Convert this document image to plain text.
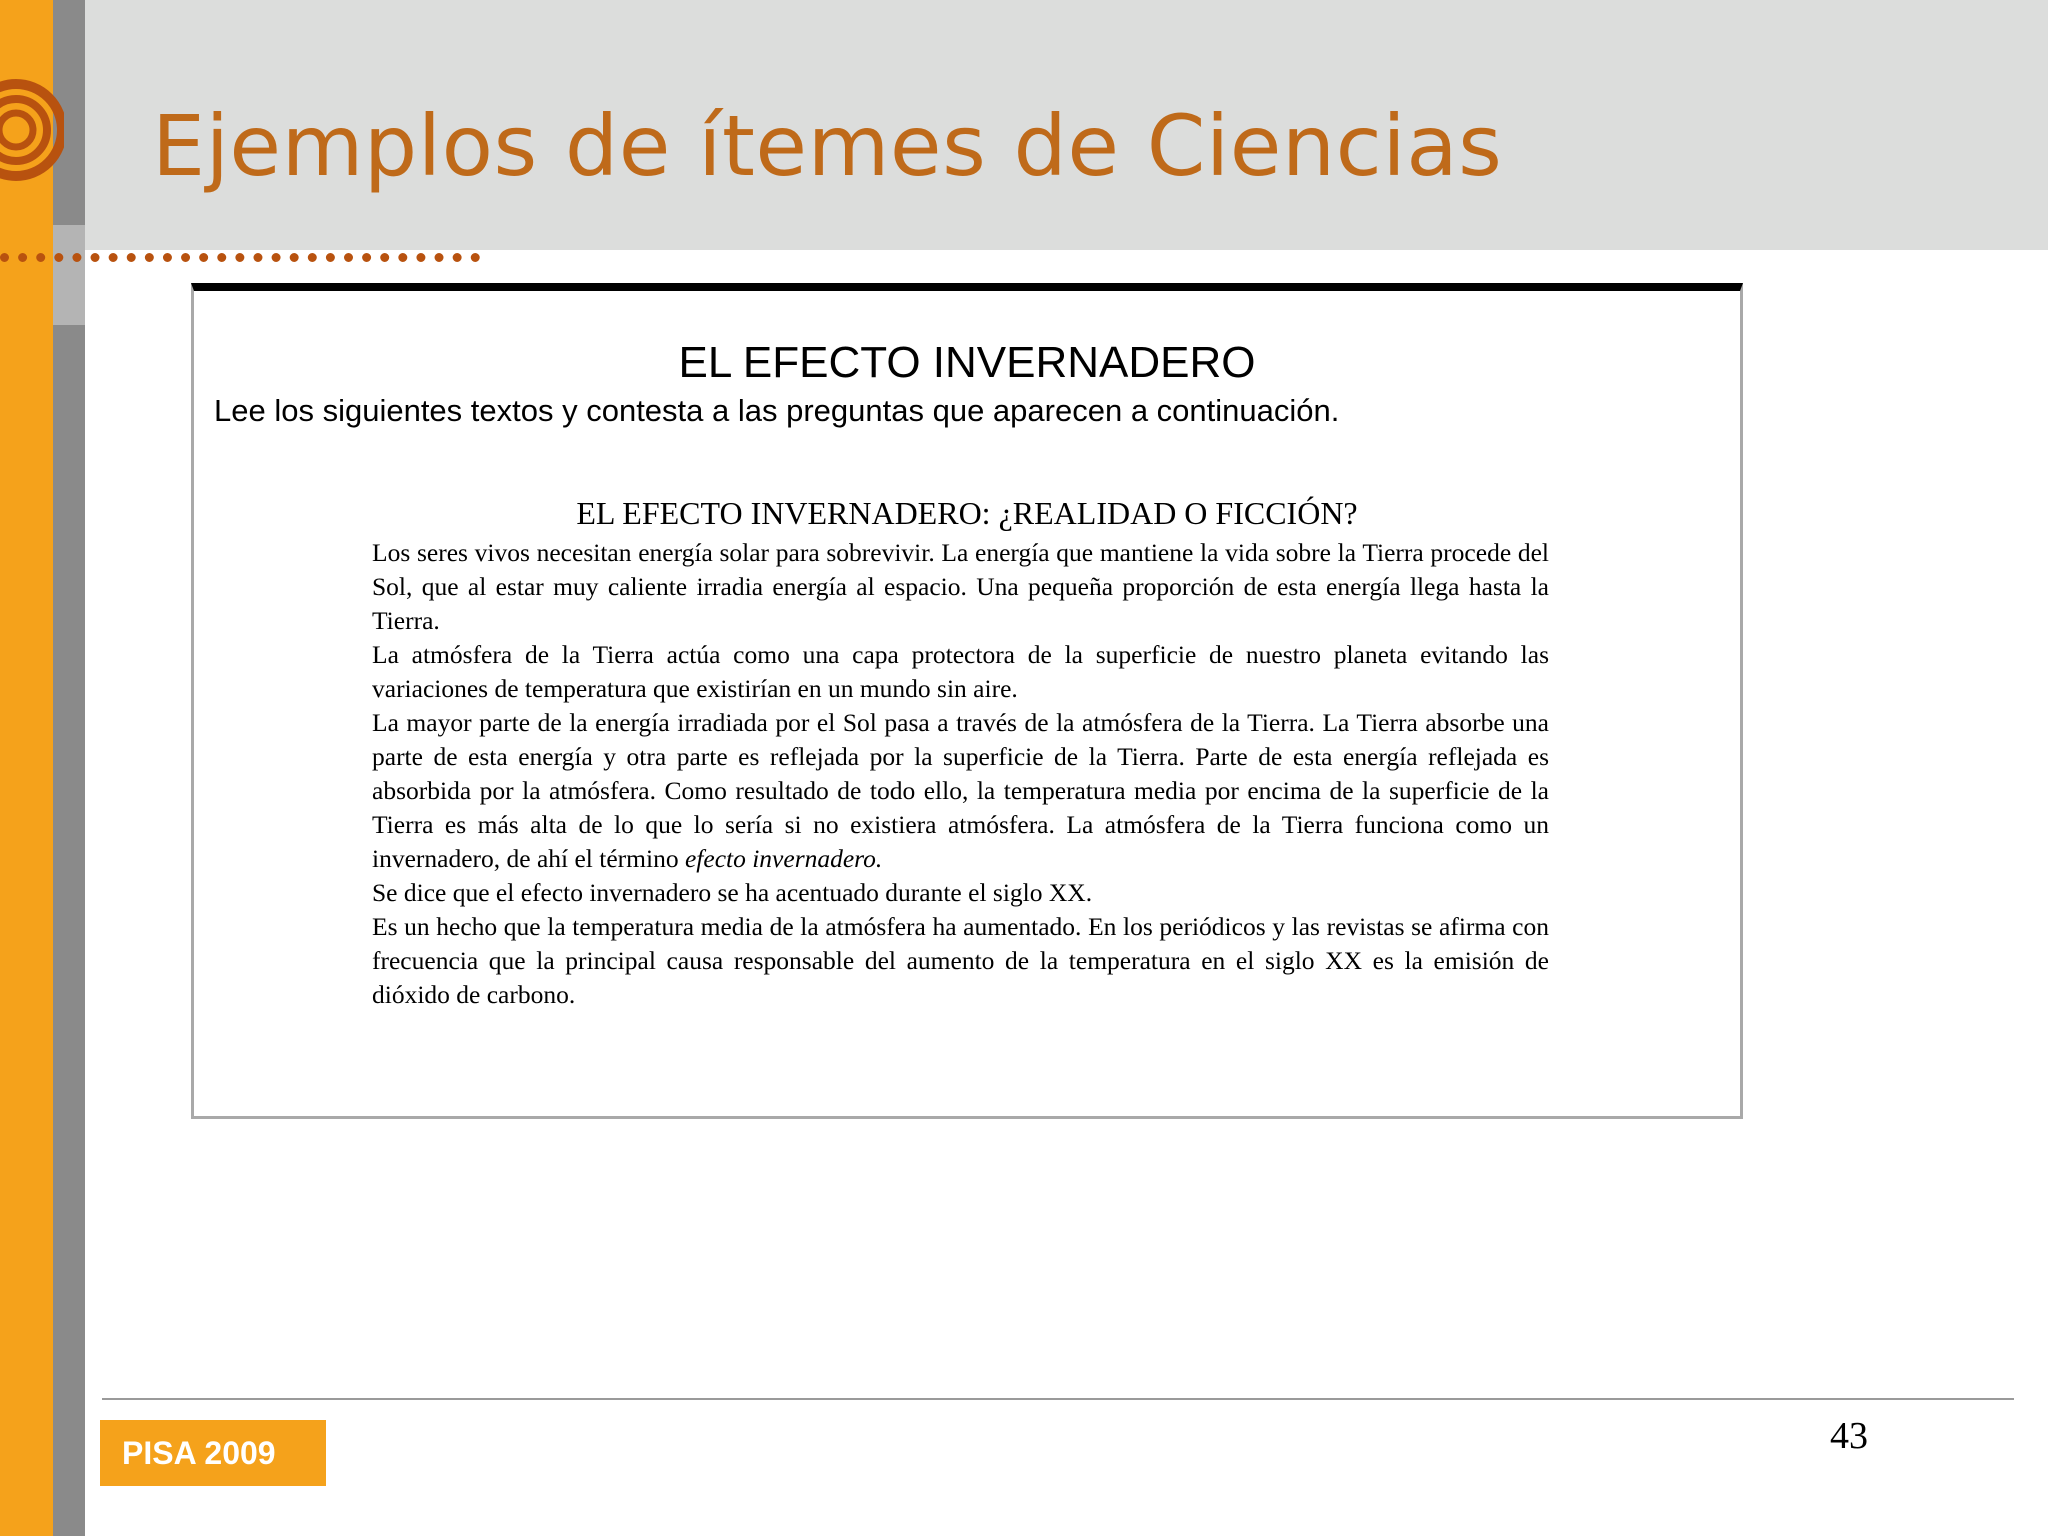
Ejemplos de ítemes de Ciencias
EL EFECTO INVERNADERO
Lee los siguientes textos y contesta a las preguntas que aparecen a continuación.
EL EFECTO INVERNADERO: ¿REALIDAD O FICCIÓN?

Los seres vivos necesitan energía solar para sobrevivir. La energía que mantiene la vida sobre la Tierra procede del Sol, que al estar muy caliente irradia energía al espacio. Una pequeña proporción de esta energía llega hasta la Tierra.

La atmósfera de la Tierra actúa como una capa protectora de la superficie de nuestro planeta evitando las variaciones de temperatura que existirían en un mundo sin aire.

La mayor parte de la energía irradiada por el Sol pasa a través de la atmósfera de la Tierra. La Tierra absorbe una parte de esta energía y otra parte es reflejada por la superficie de la Tierra. Parte de esta energía reflejada es absorbida por la atmósfera. Como resultado de todo ello, la temperatura media por encima de la superficie de la Tierra es más alta de lo que lo sería si no existiera atmósfera. La atmósfera de la Tierra funciona como un invernadero, de ahí el término efecto invernadero.

Se dice que el efecto invernadero se ha acentuado durante el siglo XX.

Es un hecho que la temperatura media de la atmósfera ha aumentado. En los periódicos y las revistas se afirma con frecuencia que la principal causa responsable del aumento de la temperatura en el siglo XX es la emisión de dióxido de carbono.

PISA 2009	43
